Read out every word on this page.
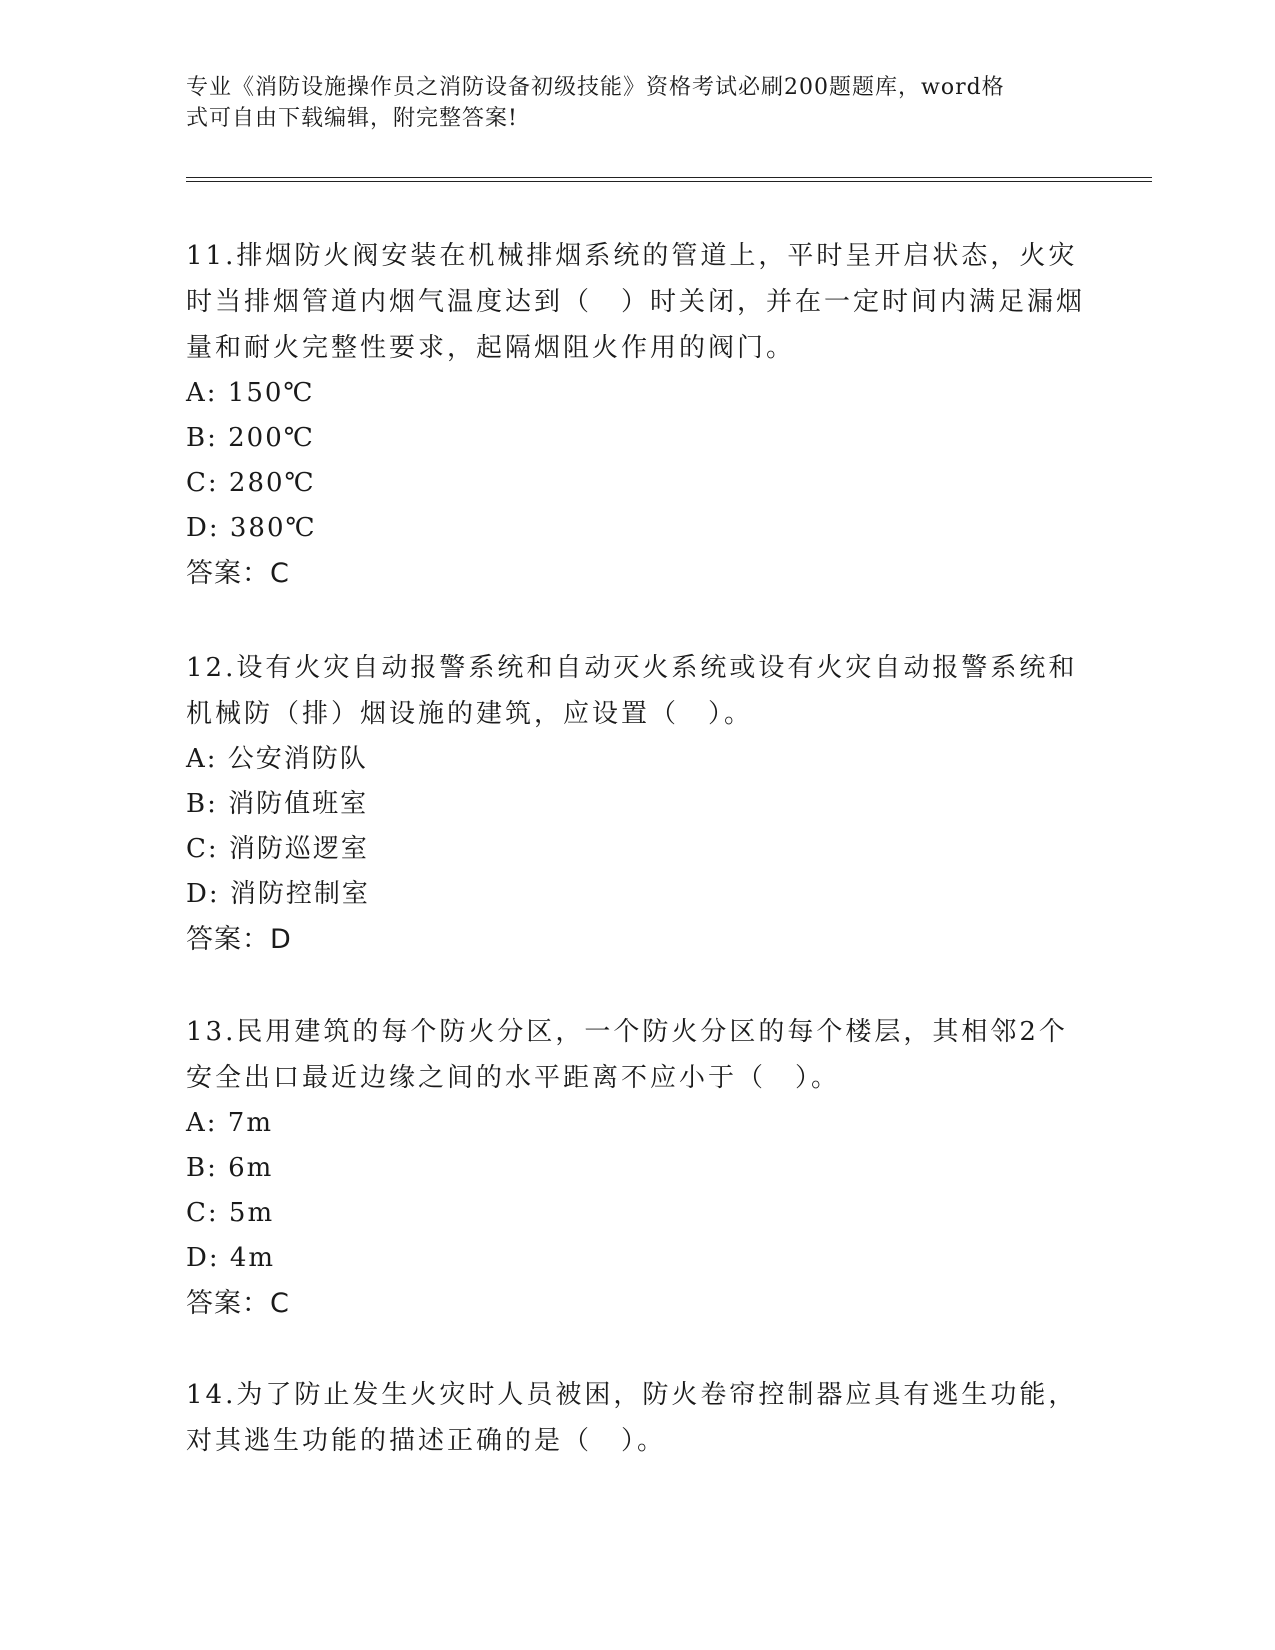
专业《消防设施操作员之消防设备初级技能》资格考试必刷200题题库，word格
式可自由下载编辑，附完整答案!

11.排烟防火阀安装在机械排烟系统的管道上，平时呈开启状态，火灾时当排烟管道内烟气温度达到（　）时关闭，并在一定时间内满足漏烟量和耐火完整性要求，起隔烟阻火作用的阀门。

A: 150℃

B: 200℃

C: 280℃

D: 380℃

答案：C

12.设有火灾自动报警系统和自动灭火系统或设有火灾自动报警系统和机械防（排）烟设施的建筑，应设置（　）。

A: 公安消防队

B: 消防值班室

C: 消防巡逻室

D: 消防控制室

答案：D

13.民用建筑的每个防火分区，一个防火分区的每个楼层，其相邻2个安全出口最近边缘之间的水平距离不应小于（　）。

A: 7m

B: 6m

C: 5m

D: 4m

答案：C

14.为了防止发生火灾时人员被困，防火卷帘控制器应具有逃生功能，对其逃生功能的描述正确的是（　）。
